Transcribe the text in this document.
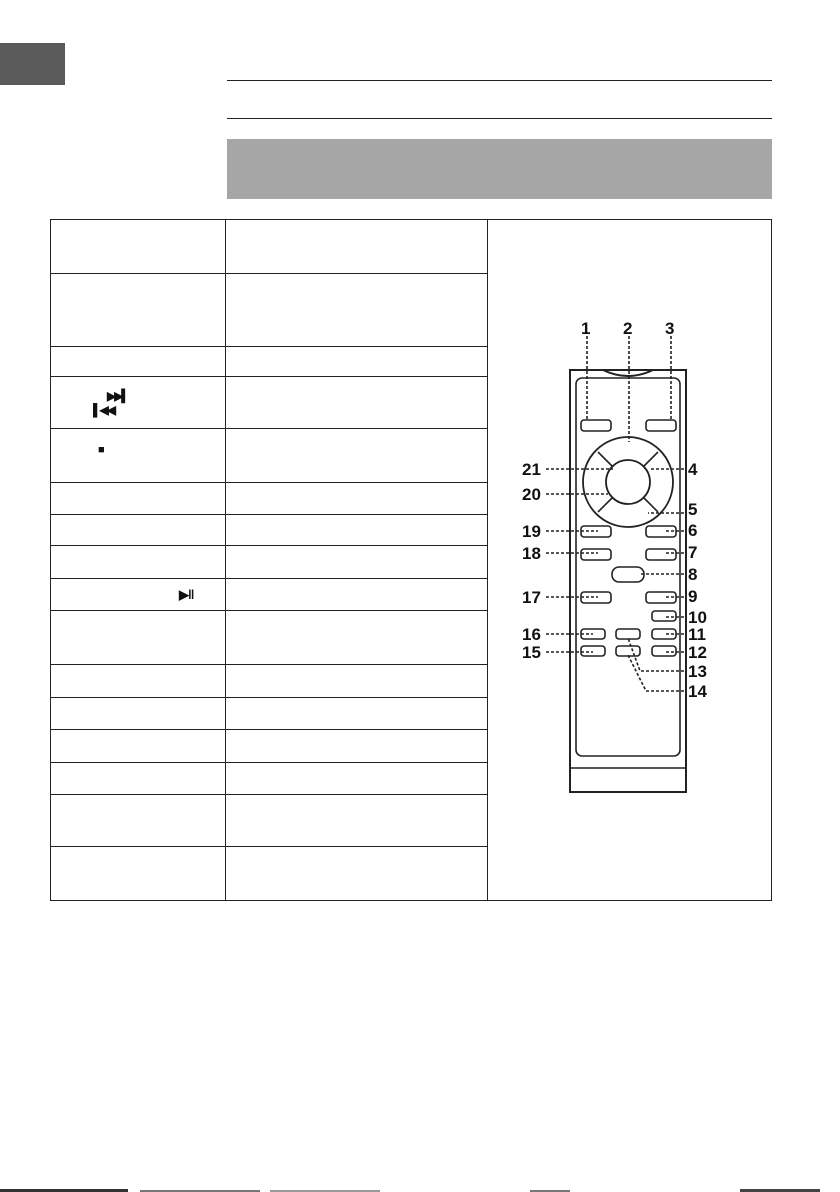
▶▶▍
▌◀◀
■
▶‖
1 2 3
4
5
6
7
8
9
10
11
12
13
14
15
16
17
18
19
20
21
